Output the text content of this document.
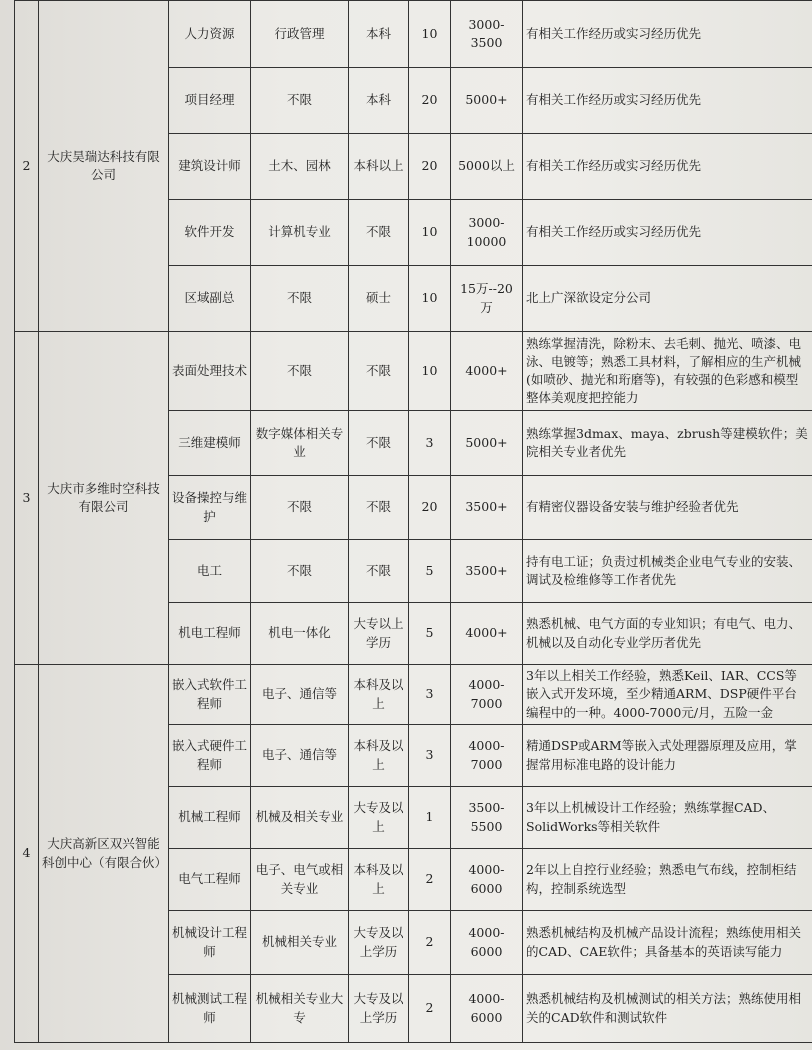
2	大庆昊瑞达科技有限公司	人力资源	行政管理	本科	10	3000-3500	有相关工作经历或实习经历优先
		项目经理	不限	本科	20	5000+	有相关工作经历或实习经历优先
		建筑设计师	土木、园林	本科以上	20	5000以上	有相关工作经历或实习经历优先
		软件开发	计算机专业	不限	10	3000-10000	有相关工作经历或实习经历优先
		区域副总	不限	硕士	10	15万--20万	北上广深欲设定分公司
3	大庆市多维时空科技有限公司	表面处理技术	不限	不限	10	4000+	熟练掌握清洗，除粉末、去毛刺、抛光、喷漆、电泳、电镀等；熟悉工具材料，了解相应的生产机械(如喷砂、抛光和珩磨等)，有较强的色彩感和模型整体美观度把控能力
		三维建模师	数字媒体相关专业	不限	3	5000+	熟练掌握3dmax、maya、zbrush等建模软件；美院相关专业者优先
		设备操控与维护	不限	不限	20	3500+	有精密仪器设备安装与维护经验者优先
		电工	不限	不限	5	3500+	持有电工证；负责过机械类企业电气专业的安装、调试及检维修等工作者优先
		机电工程师	机电一体化	大专以上学历	5	4000+	熟悉机械、电气方面的专业知识；有电气、电力、机械以及自动化专业学历者优先
4	大庆高新区双兴智能科创中心（有限合伙）	嵌入式软件工程师	电子、通信等	本科及以上	3	4000-7000	3年以上相关工作经验，熟悉Keil、IAR、CCS等嵌入式开发环境，至少精通ARM、DSP硬件平台编程中的一种。4000-7000元/月，五险一金
		嵌入式硬件工程师	电子、通信等	本科及以上	3	4000-7000	精通DSP或ARM等嵌入式处理器原理及应用，掌握常用标准电路的设计能力
		机械工程师	机械及相关专业	大专及以上	1	3500-5500	3年以上机械设计工作经验；熟练掌握CAD、SolidWorks等相关软件
		电气工程师	电子、电气或相关专业	本科及以上	2	4000-6000	2年以上自控行业经验；熟悉电气布线，控制柜结构，控制系统选型
		机械设计工程师	机械相关专业	大专及以上学历	2	4000-6000	熟悉机械结构及机械产品设计流程；熟练使用相关的CAD、CAE软件；具备基本的英语读写能力
		机械测试工程师	机械相关专业大专	大专及以上学历	2	4000-6000	熟悉机械结构及机械测试的相关方法；熟练使用相关的CAD软件和测试软件
